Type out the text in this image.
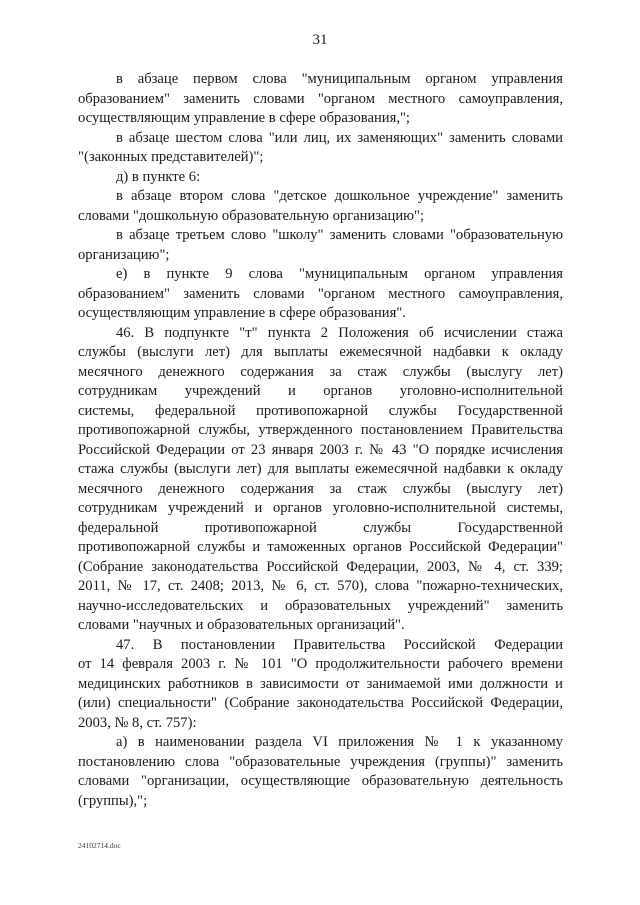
31
в абзаце первом слова "муниципальным органом управления
образованием" заменить словами "органом местного самоуправления,
осуществляющим управление в сфере образования,";
в абзаце шестом слова "или лиц, их заменяющих" заменить словами
"(законных представителей)";
д) в пункте 6:
в абзаце втором слова "детское дошкольное учреждение" заменить
словами "дошкольную образовательную организацию";
в абзаце третьем слово "школу" заменить словами "образовательную
организацию";
е) в пункте 9 слова "муниципальным органом управления
образованием" заменить словами "органом местного самоуправления,
осуществляющим управление в сфере образования".
46. В подпункте "т" пункта 2 Положения об исчислении стажа
службы (выслуги лет) для выплаты ежемесячной надбавки к окладу
месячного денежного содержания за стаж службы (выслугу лет)
сотрудникам учреждений и органов уголовно-исполнительной
системы, федеральной противопожарной службы Государственной
противопожарной службы, утвержденного постановлением Правительства
Российской Федерации от 23 января 2003 г. № 43 "О порядке исчисления
стажа службы (выслуги лет) для выплаты ежемесячной надбавки к окладу
месячного денежного содержания за стаж службы (выслугу лет)
сотрудникам учреждений и органов уголовно-исполнительной системы,
федеральной противопожарной службы Государственной
противопожарной службы и таможенных органов Российской Федерации"
(Собрание законодательства Российской Федерации, 2003, № 4, ст. 339;
2011, № 17, ст. 2408; 2013, № 6, ст. 570), слова "пожарно-технических,
научно-исследовательских и образовательных учреждений" заменить
словами "научных и образовательных организаций".
47. В постановлении Правительства Российской Федерации
от 14 февраля 2003 г. № 101 "О продолжительности рабочего времени
медицинских работников в зависимости от занимаемой ими должности и
(или) специальности" (Собрание законодательства Российской Федерации,
2003, № 8, ст. 757):
а) в наименовании раздела VI приложения № 1 к указанному
постановлению слова "образовательные учреждения (группы)" заменить
словами "организации, осуществляющие образовательную деятельность
(группы),";
24102714.doc
